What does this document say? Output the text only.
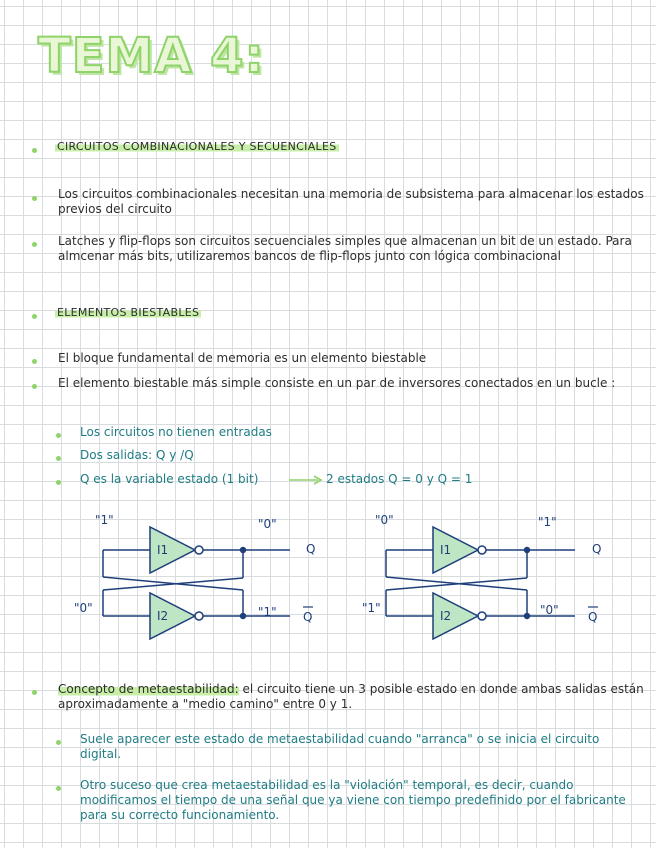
TEMA 4:
CIRCUITOS COMBINACIONALES Y SECUENCIALES

Los circuitos combinacionales necesitan una memoria de subsistema para almacenar los estados previos del circuito

Latches y flip-flops son circuitos secuenciales simples que almacenan un bit de un estado. Para almcenar más bits, utilizaremos bancos de flip-flops junto con lógica combinacional

ELEMENTOS BIESTABLES

El bloque fundamental de memoria es un elemento biestable

El elemento biestable más simple consiste en un par de inversores conectados en un bucle :

Los circuitos no tienen entradas

Dos salidas: Q y /Q

Q es la variable estado (1 bit)	2 estados Q = 0 y Q = 1

I1
I2
"1"	"0"
"0"	"1"
Q
Q
I1
I2
"0"	"1"
"1"	"0"
Q
Q

Concepto de metaestabilidad: el circuito tiene un 3 posible estado en donde ambas salidas están aproximadamente a "medio camino" entre 0 y 1.

Suele aparecer este estado de metaestabilidad cuando "arranca" o se inicia el circuito digital.

Otro suceso que crea metaestabilidad es la "violación" temporal, es decir, cuando modificamos el tiempo de una señal que ya viene con tiempo predefinido por el fabricante para su correcto funcionamiento.
